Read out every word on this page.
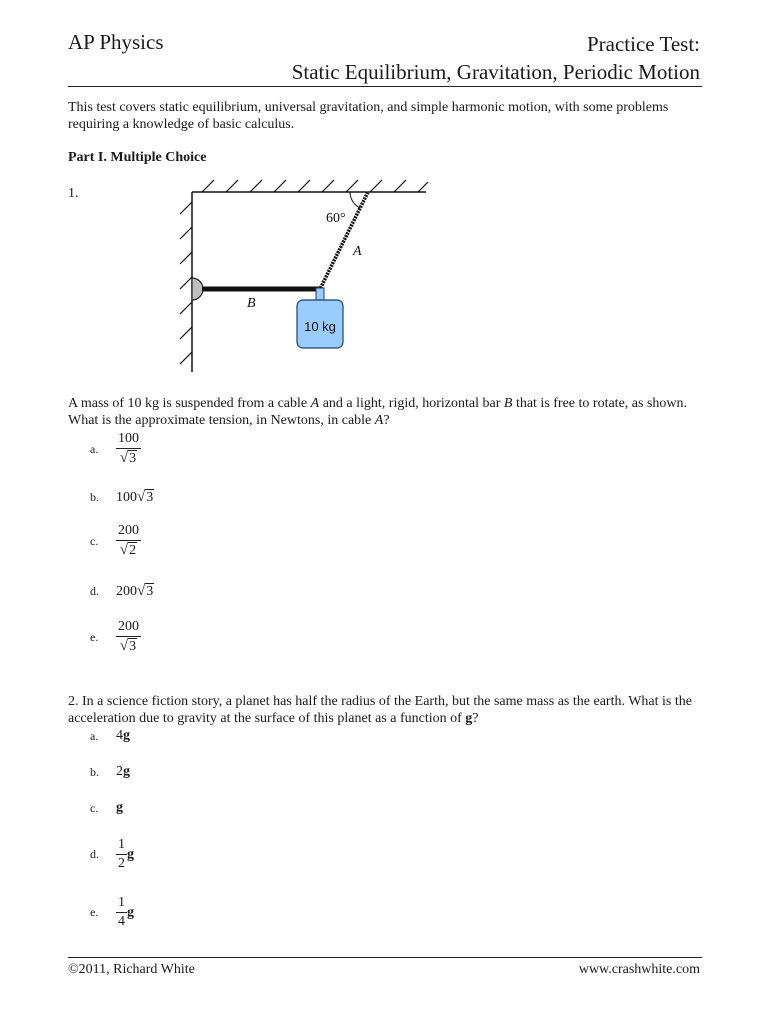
AP Physics	Practice Test:
Static Equilibrium, Gravitation, Periodic Motion
This test covers static equilibrium, universal gravitation, and simple harmonic motion, with some problems requiring a knowledge of basic calculus.
Part I. Multiple Choice
1.
60°
A
B
10 kg
A mass of 10 kg is suspended from a cable A and a light, rigid, horizontal bar B that is free to rotate, as shown. What is the approximate tension, in Newtons, in cable A?
a.	$\frac{100}{√ 3}$
b.	100 √ 3
c.	$\frac{200}{√ 2}$
d.	200 √ 3
e.	$\frac{200}{√ 3}$
2. In a science fiction story, a planet has half the radius of the Earth, but the same mass as the earth. What is the acceleration due to gravity at the surface of this planet as a function of g?
a.	4g
b.	2g
c.	g
d.	$\frac{1}{2}$ g
e.	$\frac{1}{4}$ g
©2011, Richard White	www.crashwhite.com
